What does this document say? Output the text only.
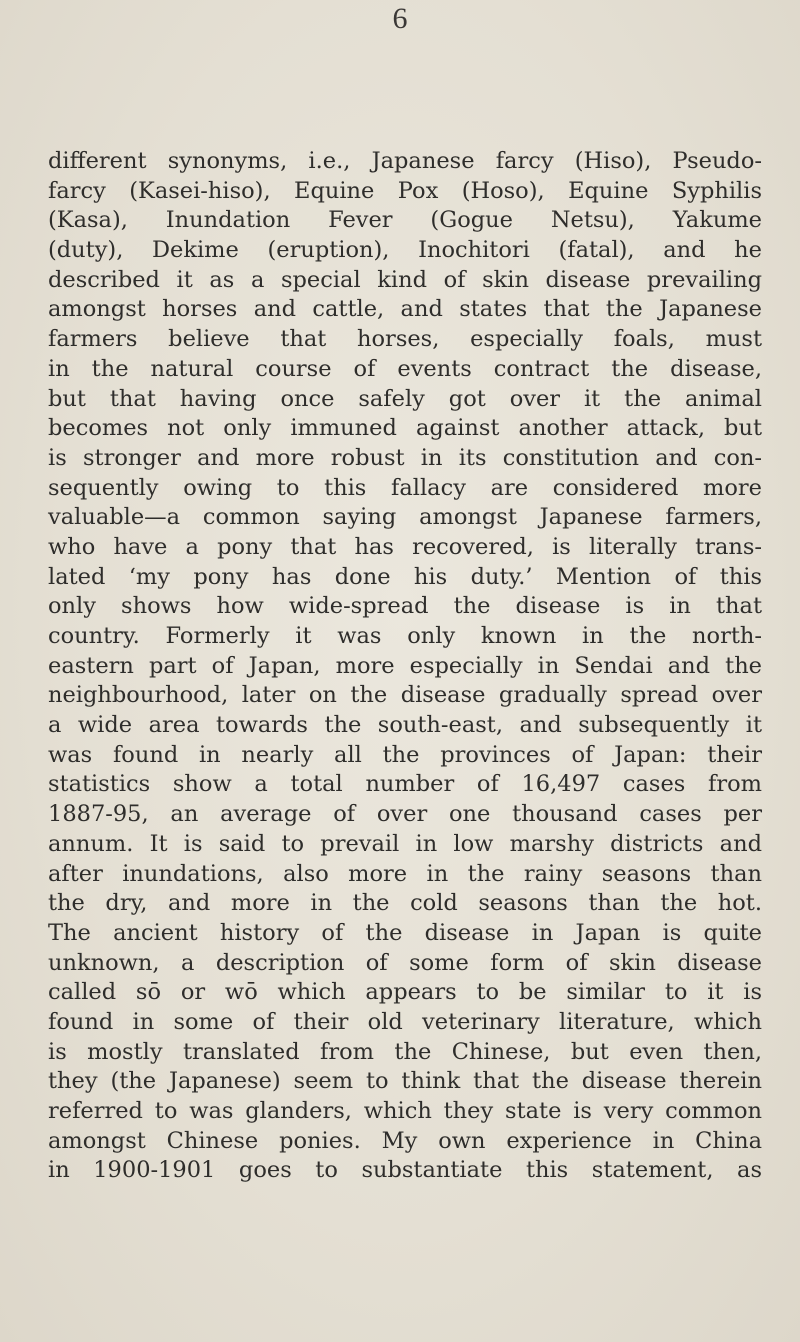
6
different synonyms, i.e., Japanese farcy (Hiso), Pseudo-
farcy (Kasei-hiso), Equine Pox (Hoso), Equine Syphilis
(Kasa), Inundation Fever (Gogue Netsu), Yakume
(duty), Dekime (eruption), Inochitori (fatal), and he
described it as a special kind of skin disease prevailing
amongst horses and cattle, and states that the Japanese
farmers believe that horses, especially foals, must
in the natural course of events contract the disease,
but that having once safely got over it the animal
becomes not only immuned against another attack, but
is stronger and more robust in its constitution and con-
sequently owing to this fallacy are considered more
valuable—a common saying amongst Japanese farmers,
who have a pony that has recovered, is literally trans-
lated ‘my pony has done his duty.’ Mention of this
only shows how wide-spread the disease is in that
country. Formerly it was only known in the north-
eastern part of Japan, more especially in Sendai and the
neighbourhood, later on the disease gradually spread over
a wide area towards the south-east, and subsequently it
was found in nearly all the provinces of Japan: their
statistics show a total number of 16,497 cases from
1887-95, an average of over one thousand cases per
annum. It is said to prevail in low marshy districts and
after inundations, also more in the rainy seasons than
the dry, and more in the cold seasons than the hot.
The ancient history of the disease in Japan is quite
unknown, a description of some form of skin disease
called sō or wō which appears to be similar to it is
found in some of their old veterinary literature, which
is mostly translated from the Chinese, but even then,
they (the Japanese) seem to think that the disease therein
referred to was glanders, which they state is very common
amongst Chinese ponies. My own experience in China
in 1900-1901 goes to substantiate this statement, as
